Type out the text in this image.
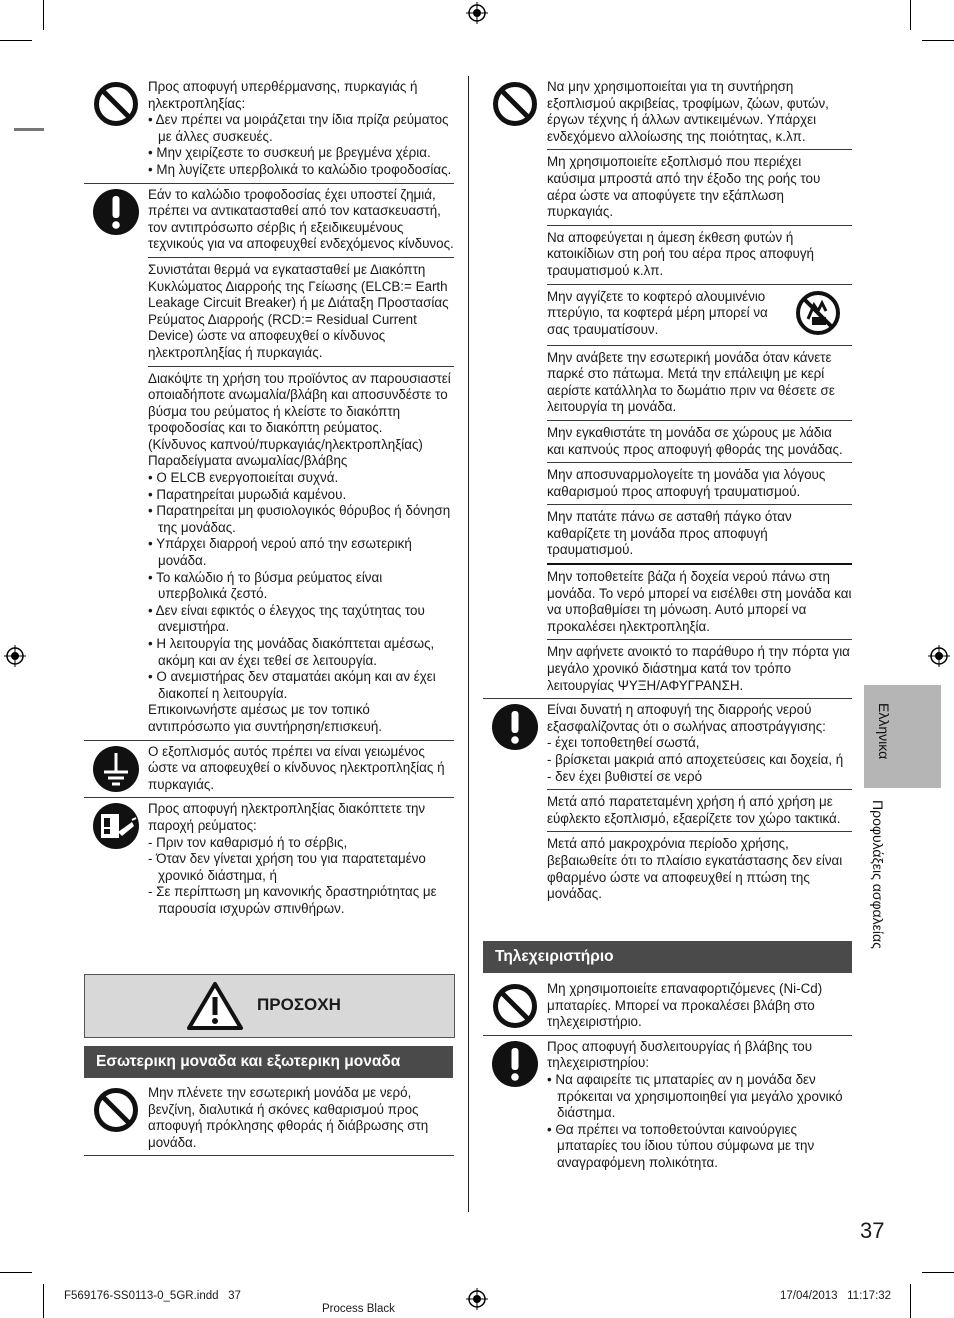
Προς αποφυγή υπερθέρμανσης, πυρκαγιάς ή ηλεκτροπληξίας:

• Δεν πρέπει να μοιράζεται την ίδια πρίζα ρεύματος με άλλες συσκευές.

• Μην χειρίζεστε το συσκευή με βρεγμένα χέρια.

• Μη λυγίζετε υπερβολικά το καλώδιο τροφοδοσίας.

Εάν το καλώδιο τροφοδοσίας έχει υποστεί ζημιά, πρέπει να αντικατασταθεί από τον κατασκευαστή, τον αντιπρόσωπο σέρβις ή εξειδικευμένους τεχνικούς για να αποφευχθεί ενδεχόμενος κίνδυνος.

Συνιστάται θερμά να εγκατασταθεί με Διακόπτη Κυκλώματος Διαρροής της Γείωσης (ELCB:= Earth Leakage Circuit Breaker) ή με Διάταξη Προστασίας Ρεύματος Διαρροής (RCD:= Residual Current Device) ώστε να αποφευχθεί ο κίνδυνος ηλεκτροπληξίας ή πυρκαγιάς.

Διακόψτε τη χρήση του προϊόντος αν παρουσιαστεί οποιαδήποτε ανωμαλία/βλάβη και αποσυνδέστε το βύσμα του ρεύματος ή κλείστε το διακόπτη τροφοδοσίας και το διακόπτη ρεύματος.

(Κίνδυνος καπνού/πυρκαγιάς/ηλεκτροπληξίας)

Παραδείγματα ανωμαλίας/βλάβης

• Ο ELCB ενεργοποιείται συχνά.

• Παρατηρείται μυρωδιά καμένου.

• Παρατηρείται μη φυσιολογικός θόρυβος ή δόνηση της μονάδας.

• Υπάρχει διαρροή νερού από την εσωτερική μονάδα.

• Το καλώδιο ή το βύσμα ρεύματος είναι υπερβολικά ζεστό.

• Δεν είναι εφικτός ο έλεγχος της ταχύτητας του ανεμιστήρα.

• Η λειτουργία της μονάδας διακόπτεται αμέσως, ακόμη και αν έχει τεθεί σε λειτουργία.

• Ο ανεμιστήρας δεν σταματάει ακόμη και αν έχει διακοπεί η λειτουργία.

Επικοινωνήστε αμέσως με τον τοπικό αντιπρόσωπο για συντήρηση/επισκευή.

Ο εξοπλισμός αυτός πρέπει να είναι γειωμένος ώστε να αποφευχθεί ο κίνδυνος ηλεκτροπληξίας ή πυρκαγιάς.

Προς αποφυγή ηλεκτροπληξίας διακόπτετε την παροχή ρεύματος:

- Πριν τον καθαρισμό ή το σέρβις,

- Όταν δεν γίνεται χρήση του για παρατεταμένο χρονικό διάστημα, ή

- Σε περίπτωση μη κανονικής δραστηριότητας με παρουσία ισχυρών σπινθήρων.

ΠΡΟΣΟΧΗ
Εσωτερικη μοναδα και εξωτερικη μοναδα

Μην πλένετε την εσωτερική μονάδα με νερό, βενζίνη, διαλυτικά ή σκόνες καθαρισμού προς αποφυγή πρόκλησης φθοράς ή διάβρωσης στη μονάδα.

Να μην χρησιμοποιείται για τη συντήρηση εξοπλισμού ακριβείας, τροφίμων, ζώων, φυτών, έργων τέχνης ή άλλων αντικειμένων. Υπάρχει ενδεχόμενο αλλοίωσης της ποιότητας, κ.λπ.

Μη χρησιμοποιείτε εξοπλισμό που περιέχει καύσιμα μπροστά από την έξοδο της ροής του αέρα ώστε να αποφύγετε την εξάπλωση πυρκαγιάς.

Να αποφεύγεται η άμεση έκθεση φυτών ή κατοικίδιων στη ροή του αέρα προς αποφυγή τραυματισμού κ.λπ.

Μην αγγίζετε το κοφτερό αλουμινένιο πτερύγιο, τα κοφτερά μέρη μπορεί να σας τραυματίσουν.

Μην ανάβετε την εσωτερική μονάδα όταν κάνετε παρκέ στο πάτωμα. Μετά την επάλειψη με κερί αερίστε κατάλληλα το δωμάτιο πριν να θέσετε σε λειτουργία τη μονάδα.

Μην εγκαθιστάτε τη μονάδα σε χώρους με λάδια και καπνούς προς αποφυγή φθοράς της μονάδας.

Μην αποσυναρμολογείτε τη μονάδα για λόγους καθαρισμού προς αποφυγή τραυματισμού.

Μην πατάτε πάνω σε ασταθή πάγκο όταν καθαρίζετε τη μονάδα προς αποφυγή τραυματισμού.

Μην τοποθετείτε βάζα ή δοχεία νερού πάνω στη μονάδα. Το νερό μπορεί να εισέλθει στη μονάδα και να υποβαθμίσει τη μόνωση. Αυτό μπορεί να προκαλέσει ηλεκτροπληξία.

Μην αφήνετε ανοικτό το παράθυρο ή την πόρτα για μεγάλο χρονικό διάστημα κατά τον τρόπο λειτουργίας ΨΥΞΗ/ΑΦΥΓΡΑΝΣΗ.

Είναι δυνατή η αποφυγή της διαρροής νερού εξασφαλίζοντας ότι ο σωλήνας αποστράγγισης:

- έχει τοποθετηθεί σωστά,

- βρίσκεται μακριά από αποχετεύσεις και δοχεία, ή

- δεν έχει βυθιστεί σε νερό

Μετά από παρατεταμένη χρήση ή από χρήση με εύφλεκτο εξοπλισμό, εξαερίζετε τον χώρο τακτικά.

Μετά από μακροχρόνια περίοδο χρήσης, βεβαιωθείτε ότι το πλαίσιο εγκατάστασης δεν είναι φθαρμένο ώστε να αποφευχθεί η πτώση της μονάδας.

Τηλεχειριστήριο

Μη χρησιμοποιείτε επαναφορτιζόμενες (Ni-Cd) μπαταρίες. Μπορεί να προκαλέσει βλάβη στο τηλεχειριστήριο.

Προς αποφυγή δυσλειτουργίας ή βλάβης του τηλεχειριστηρίου:

• Να αφαιρείτε τις μπαταρίες αν η μονάδα δεν πρόκειται να χρησιμοποιηθεί για μεγάλο χρονικό διάστημα.

• Θα πρέπει να τοποθετούνται καινούργιες μπαταρίες του ίδιου τύπου σύμφωνα με την αναγραφόμενη πολικότητα.

Ελληνικα
Προφυλάξεις ασφαλείας
37
F569176-SS0113-0_5GR.indd   37
Process Black
17/04/2013   11:17:32
